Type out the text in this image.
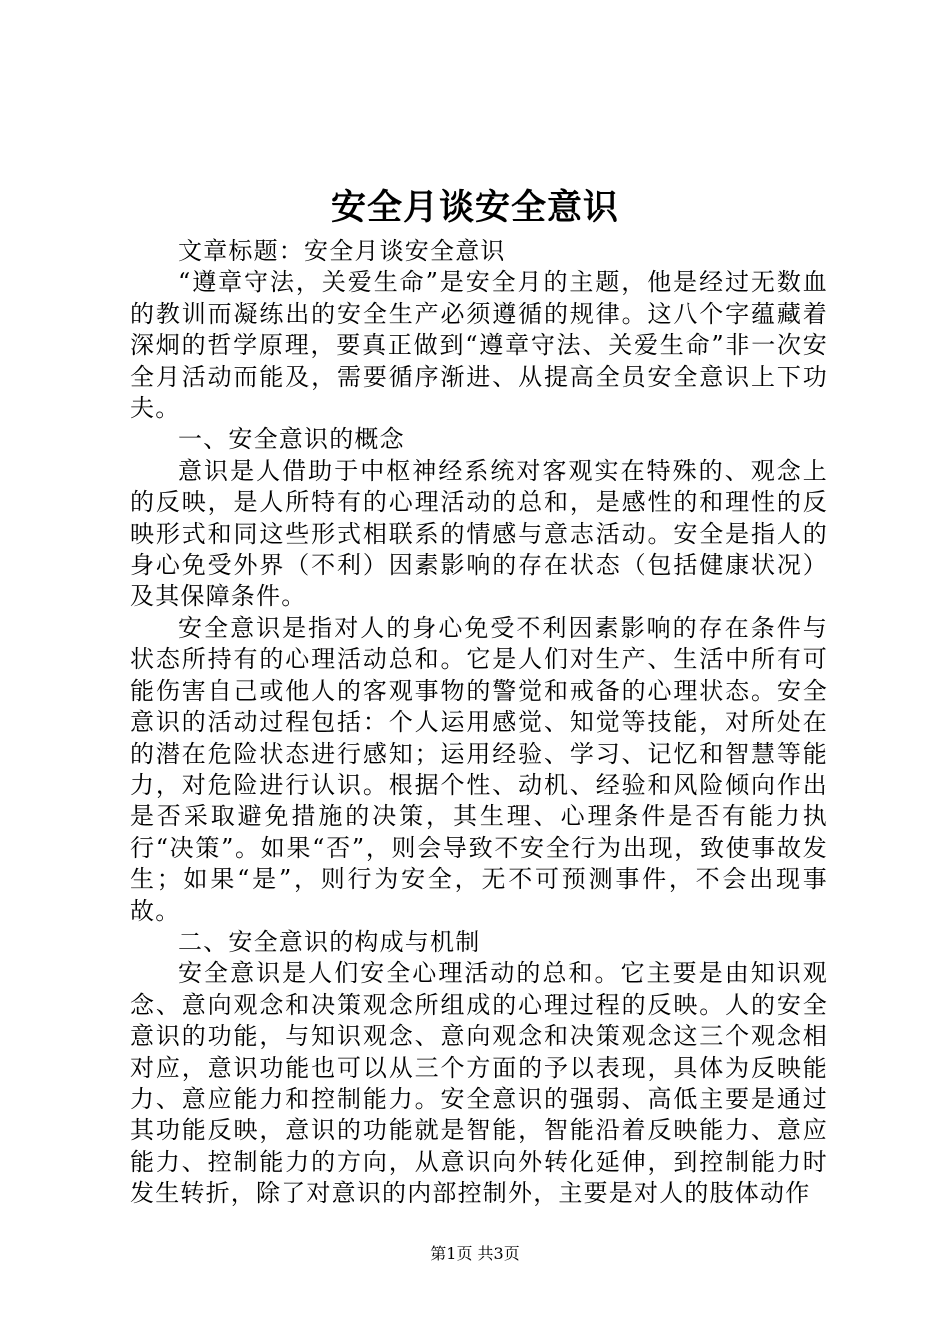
安全月谈安全意识

文章标题：安全月谈安全意识

“遵章守法，关爱生命”是安全月的主题，他是经过无数血的教训而凝练出的安全生产必须遵循的规律。这八个字蕴藏着深炯的哲学原理，要真正做到“遵章守法、关爱生命”非一次安全月活动而能及，需要循序渐进、从提高全员安全意识上下功夫。

一、安全意识的概念

意识是人借助于中枢神经系统对客观实在特殊的、观念上的反映，是人所特有的心理活动的总和，是感性的和理性的反映形式和同这些形式相联系的情感与意志活动。安全是指人的身心免受外界（不利）因素影响的存在状态（包括健康状况）及其保障条件。

安全意识是指对人的身心免受不利因素影响的存在条件与状态所持有的心理活动总和。它是人们对生产、生活中所有可能伤害自己或他人的客观事物的警觉和戒备的心理状态。安全意识的活动过程包括：个人运用感觉、知觉等技能，对所处在的潜在危险状态进行感知；运用经验、学习、记忆和智慧等能力，对危险进行认识。根据个性、动机、经验和风险倾向作出是否采取避免措施的决策，其生理、心理条件是否有能力执行“决策”。如果“否”，则会导致不安全行为出现，致使事故发生；如果“是”，则行为安全，无不可预测事件，不会出现事故。

二、安全意识的构成与机制

安全意识是人们安全心理活动的总和。它主要是由知识观念、意向观念和决策观念所组成的心理过程的反映。人的安全意识的功能，与知识观念、意向观念和决策观念这三个观念相对应，意识功能也可以从三个方面的予以表现，具体为反映能力、意应能力和控制能力。安全意识的强弱、高低主要是通过其功能反映，意识的功能就是智能，智能沿着反映能力、意应能力、控制能力的方向，从意识向外转化延伸，到控制能力时发生转折，除了对意识的内部控制外，主要是对人的肢体动作

第1页 共3页
